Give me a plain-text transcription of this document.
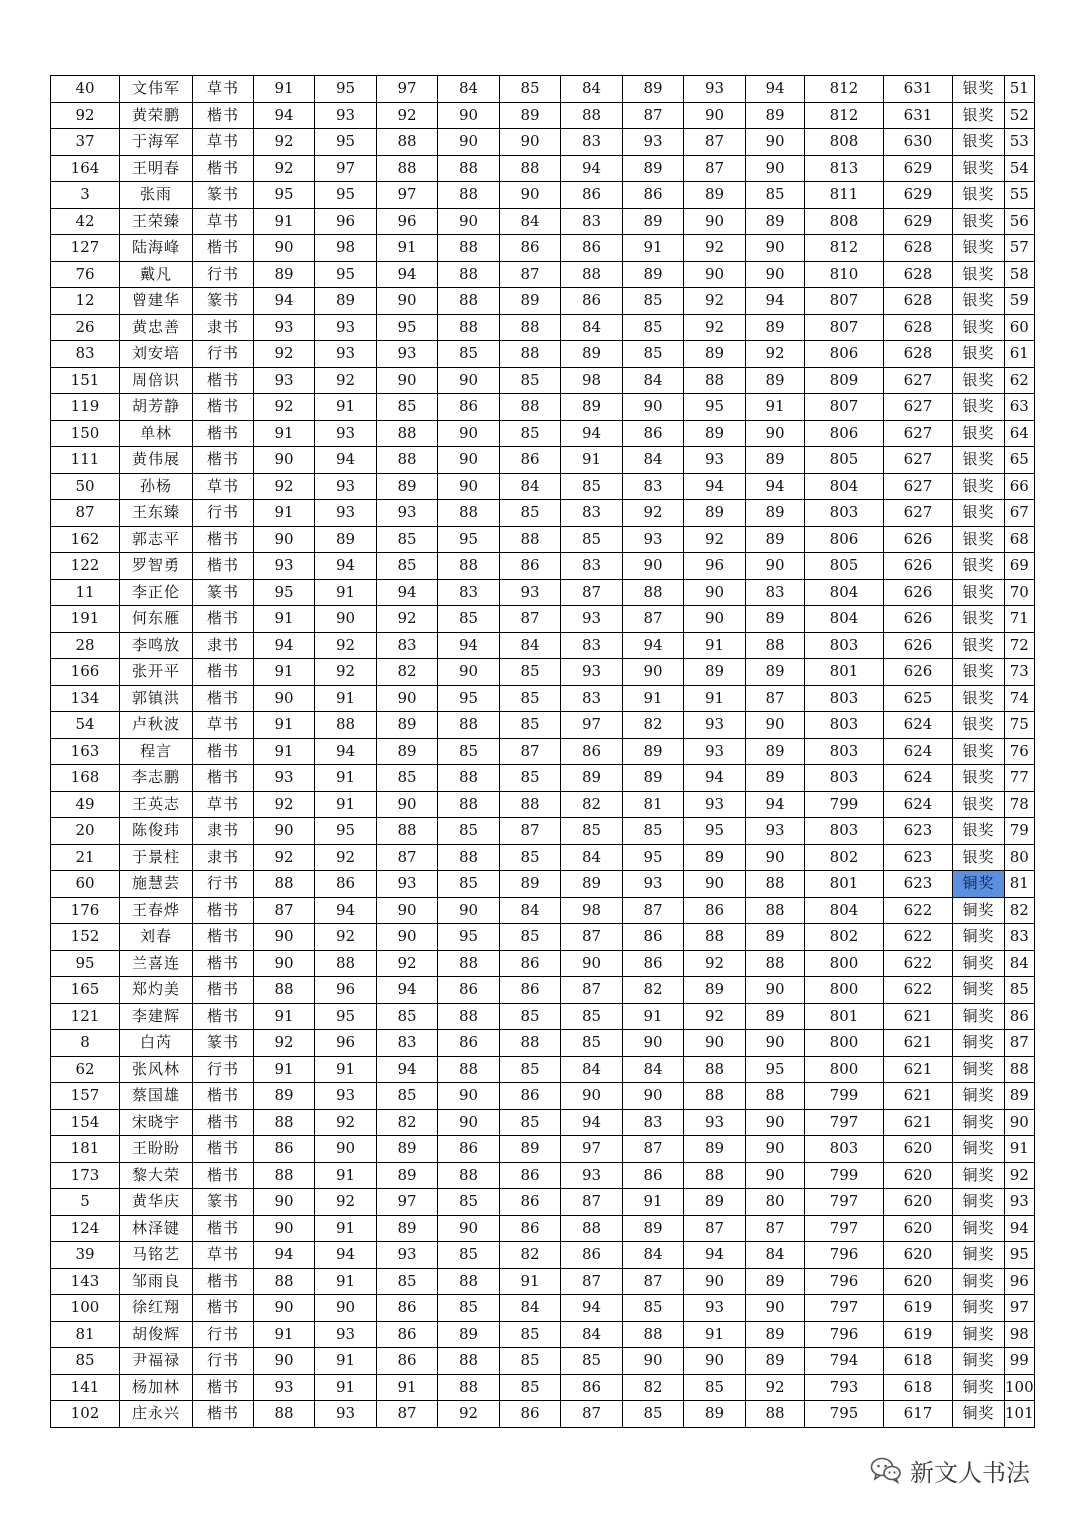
40	文伟军	草书	91	95	97	84	85	84	89	93	94	812	631	银奖	51
92	黄荣鹏	楷书	94	93	92	90	89	88	87	90	89	812	631	银奖	52
37	于海军	草书	92	95	88	90	90	83	93	87	90	808	630	银奖	53
164	王明春	楷书	92	97	88	88	88	94	89	87	90	813	629	银奖	54
3	张雨	篆书	95	95	97	88	90	86	86	89	85	811	629	银奖	55
42	王荣臻	草书	91	96	96	90	84	83	89	90	89	808	629	银奖	56
127	陆海峰	楷书	90	98	91	88	86	86	91	92	90	812	628	银奖	57
76	戴凡	行书	89	95	94	88	87	88	89	90	90	810	628	银奖	58
12	曾建华	篆书	94	89	90	88	89	86	85	92	94	807	628	银奖	59
26	黄忠善	隶书	93	93	95	88	88	84	85	92	89	807	628	银奖	60
83	刘安培	行书	92	93	93	85	88	89	85	89	92	806	628	银奖	61
151	周倍识	楷书	93	92	90	90	85	98	84	88	89	809	627	银奖	62
119	胡芳静	楷书	92	91	85	86	88	89	90	95	91	807	627	银奖	63
150	单林	楷书	91	93	88	90	85	94	86	89	90	806	627	银奖	64
111	黄伟展	楷书	90	94	88	90	86	91	84	93	89	805	627	银奖	65
50	孙杨	草书	92	93	89	90	84	85	83	94	94	804	627	银奖	66
87	王东臻	行书	91	93	93	88	85	83	92	89	89	803	627	银奖	67
162	郭志平	楷书	90	89	85	95	88	85	93	92	89	806	626	银奖	68
122	罗智勇	楷书	93	94	85	88	86	83	90	96	90	805	626	银奖	69
11	李正伦	篆书	95	91	94	83	93	87	88	90	83	804	626	银奖	70
191	何东雁	楷书	91	90	92	85	87	93	87	90	89	804	626	银奖	71
28	李鸣放	隶书	94	92	83	94	84	83	94	91	88	803	626	银奖	72
166	张开平	楷书	91	92	82	90	85	93	90	89	89	801	626	银奖	73
134	郭镇洪	楷书	90	91	90	95	85	83	91	91	87	803	625	银奖	74
54	卢秋波	草书	91	88	89	88	85	97	82	93	90	803	624	银奖	75
163	程言	楷书	91	94	89	85	87	86	89	93	89	803	624	银奖	76
168	李志鹏	楷书	93	91	85	88	85	89	89	94	89	803	624	银奖	77
49	王英志	草书	92	91	90	88	88	82	81	93	94	799	624	银奖	78
20	陈俊玮	隶书	90	95	88	85	87	85	85	95	93	803	623	银奖	79
21	于景柱	隶书	92	92	87	88	85	84	95	89	90	802	623	银奖	80
60	施慧芸	行书	88	86	93	85	89	89	93	90	88	801	623	铜奖	81
176	王春烨	楷书	87	94	90	90	84	98	87	86	88	804	622	铜奖	82
152	刘春	楷书	90	92	90	95	85	87	86	88	89	802	622	铜奖	83
95	兰喜连	楷书	90	88	92	88	86	90	86	92	88	800	622	铜奖	84
165	郑灼美	楷书	88	96	94	86	86	87	82	89	90	800	622	铜奖	85
121	李建辉	楷书	91	95	85	88	85	85	91	92	89	801	621	铜奖	86
8	白芮	篆书	92	96	83	86	88	85	90	90	90	800	621	铜奖	87
62	张风林	行书	91	91	94	88	85	84	84	88	95	800	621	铜奖	88
157	蔡国雄	楷书	89	93	85	90	86	90	90	88	88	799	621	铜奖	89
154	宋晓宇	楷书	88	92	82	90	85	94	83	93	90	797	621	铜奖	90
181	王盼盼	楷书	86	90	89	86	89	97	87	89	90	803	620	铜奖	91
173	黎大荣	楷书	88	91	89	88	86	93	86	88	90	799	620	铜奖	92
5	黄华庆	篆书	90	92	97	85	86	87	91	89	80	797	620	铜奖	93
124	林泽键	楷书	90	91	89	90	86	88	89	87	87	797	620	铜奖	94
39	马铭艺	草书	94	94	93	85	82	86	84	94	84	796	620	铜奖	95
143	邹雨良	楷书	88	91	85	88	91	87	87	90	89	796	620	铜奖	96
100	徐红翔	楷书	90	90	86	85	84	94	85	93	90	797	619	铜奖	97
81	胡俊辉	行书	91	93	86	89	85	84	88	91	89	796	619	铜奖	98
85	尹福禄	行书	90	91	86	88	85	85	90	90	89	794	618	铜奖	99
141	杨加林	楷书	93	91	91	88	85	86	82	85	92	793	618	铜奖	100
102	庄永兴	楷书	88	93	87	92	86	87	85	89	88	795	617	铜奖	101
新文人书法
